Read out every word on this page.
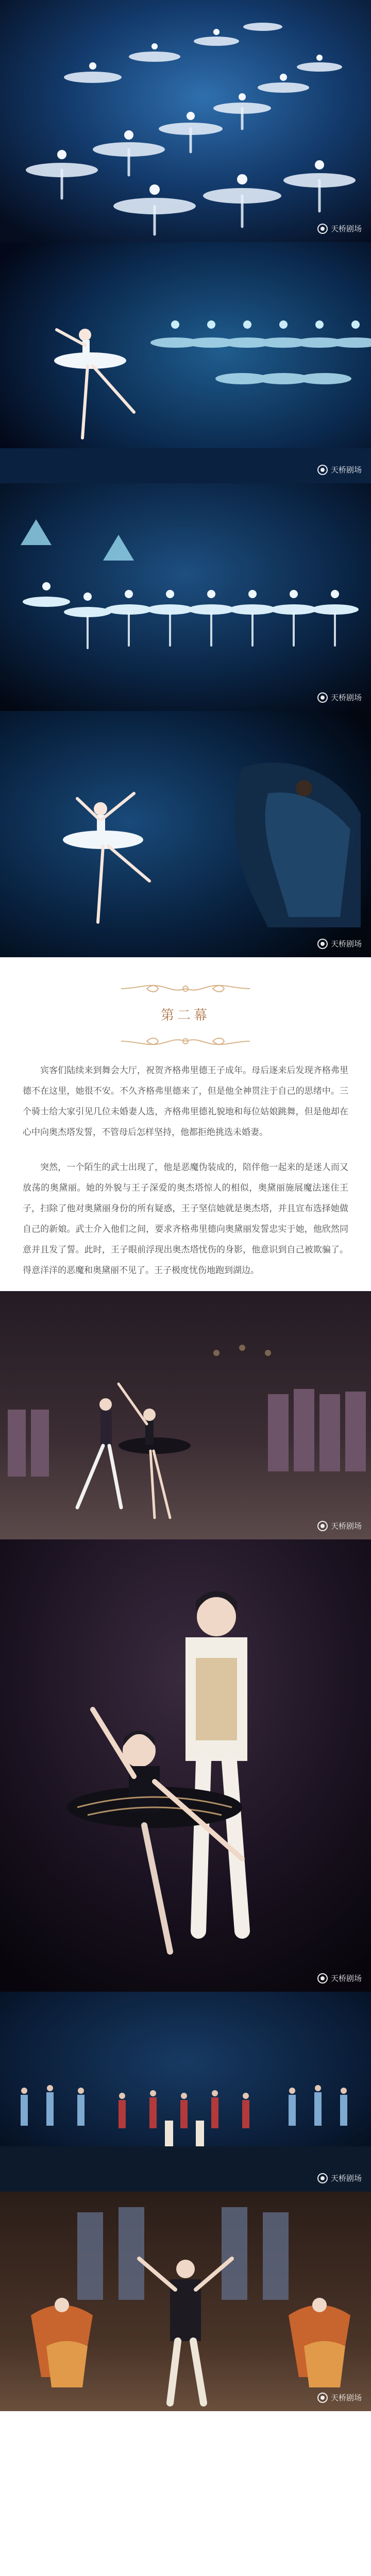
天桥剧场
天桥剧场
天桥剧场
天桥剧场
第二幕

宾客们陆续来到舞会大厅，祝贺齐格弗里德王子成年。母后逐来后发现齐格弗里德不在这里，她很不安。不久齐格弗里德来了，但是他全神贯注于自己的思绪中。三个骑士给大家引见几位未婚妻人选，齐格弗里德礼貌地和每位姑娘跳舞，但是他却在心中向奥杰塔发誓，不管母后怎样坚持，他都拒绝挑选未婚妻。

突然，一个陌生的武士出现了，他是恶魔伪装成的，陪伴他一起来的是迷人而又放荡的奥黛丽。她的外貌与王子深爱的奥杰塔惊人的相似，奥黛丽施展魔法迷住王子，扫除了他对奥黛丽身份的所有疑惑，王子坚信她就是奥杰塔，并且宣布选择她做自己的新娘。武士介入他们之间，要求齐格弗里德向奥黛丽发誓忠实于她，他欣然同意并且发了誓。此时，王子眼前浮现出奥杰塔忧伤的身影，他意识到自己被欺骗了。得意洋洋的恶魔和奥黛丽不见了。王子极度忧伤地跑到湖边。

天桥剧场
天桥剧场
天桥剧场
天桥剧场
